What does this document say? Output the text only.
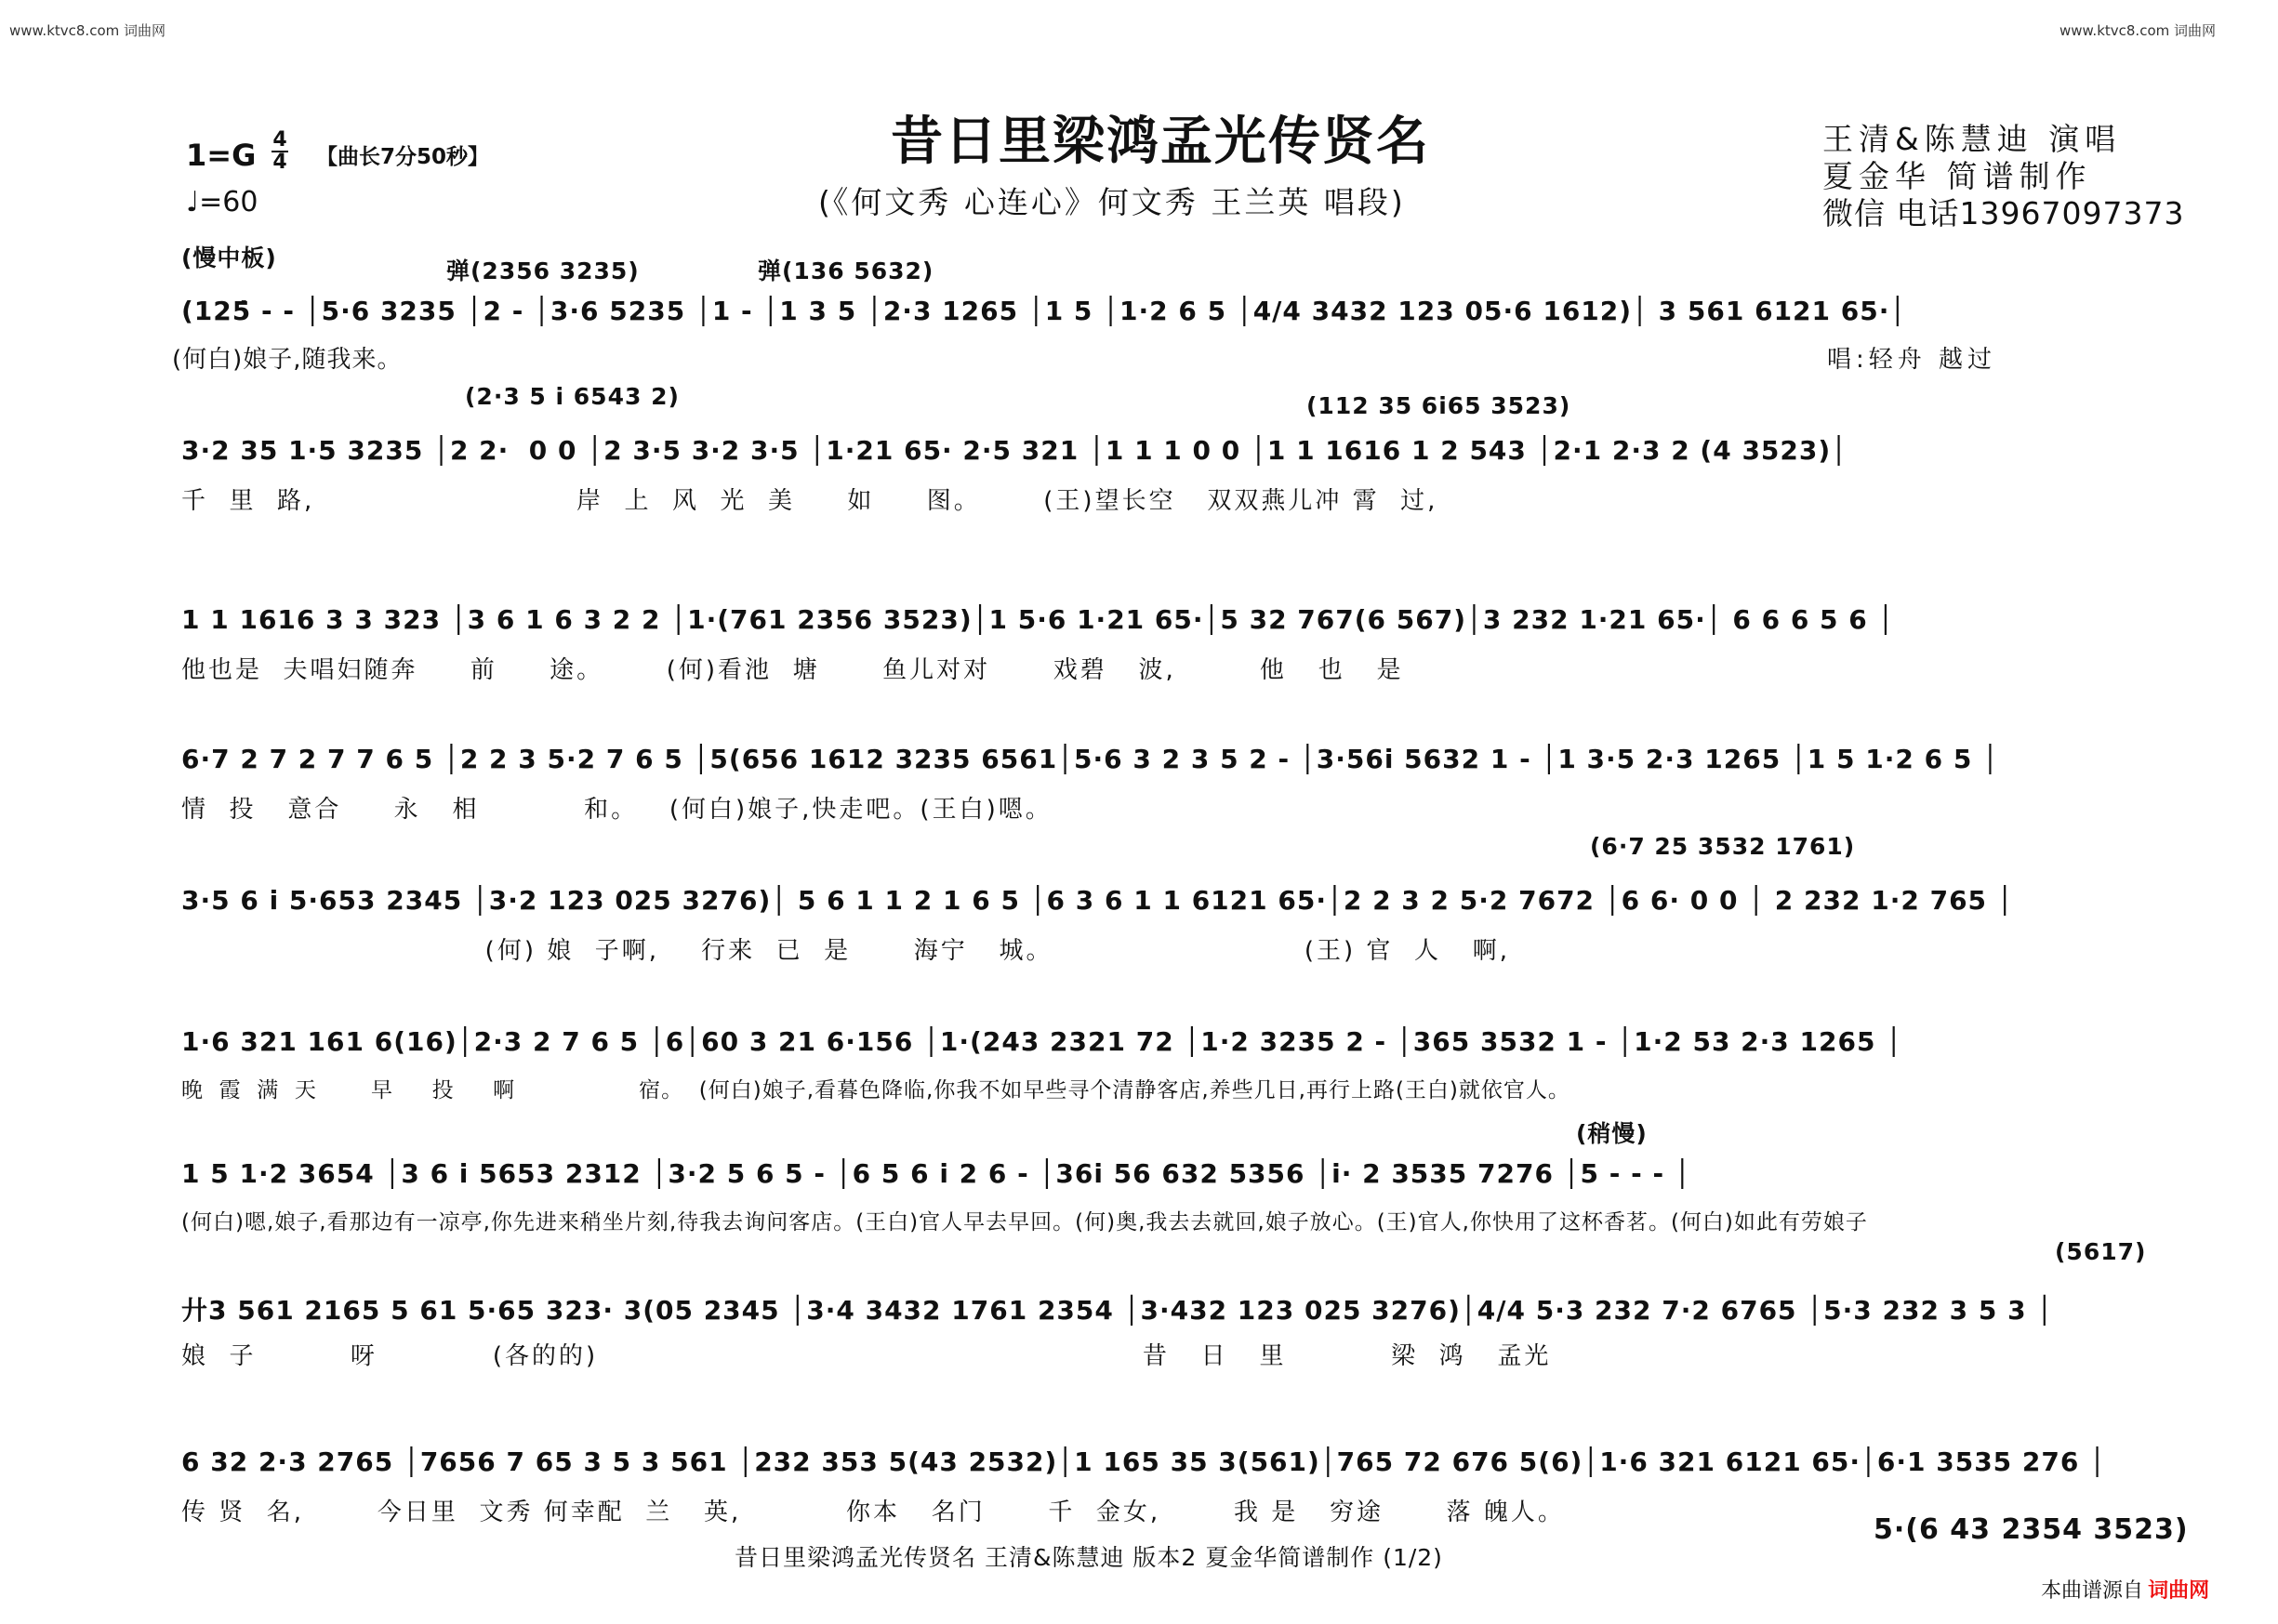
www.ktvc8.com 词曲网	www.ktvc8.com 词曲网
昔日里梁鸿孟光传贤名
(《何文秀 心连心》何文秀 王兰英 唱段)
1=G 4
4 【曲长7分50秒】
♩=60
王清&陈慧迪 演唱
夏金华 简谱制作
微信 电话13967097373
(慢中板)	弹(2356 3235)	弹(136 5632)
(125̇ - - │5·6 3235 │2 - │3·6 5235 │1 - │1 3 5 │2·3 1265 │1 5 │1·2 6 5 │4/4 3432 123 05·6 1612)│ 3 561 6121 65·│
(何白)娘子,随我来。	唱:轻舟 越过
(2·3 5 i 6543 2)	(112 35 6i65 3523)
3·2 35 1·5 3235 │2 2·  0 0 │2 3·5 3·2 3·5 │1·21 65· 2·5 321 │1 1 1 0 0 │1 1 1616 1 2 543 │2·1 2·3 2 (4 3523)│
千  里  路,                         岸  上  风  光  美     如     图。      (王)望长空   双双燕儿冲 霄  过,
1 1 1616 3 3 323 │3 6 1 6 3 2 2 │1·(761 2356 3523)│1 5·6 1·21 65·│5 32 767(6 567)│3 232 1·21 65·│ 6 6 6 5 6 │
他也是  夫唱妇随奔     前     途。      (何)看池  塘      鱼儿对对      戏碧   波,        他   也   是
6·7 2 7 2 7 7 6 5 │2 2 3 5·2 7 6 5 │5(656 1612 3235 6561│5·6 3 2 3 5 2 - │3·56i 5632 1 - │1 3·5 2·3 1265 │1 5 1·2 6 5 │
情  投   意合     永   相          和。   (何白)娘子,快走吧。(王白)嗯。
(6·7 25 3532 1761)
3·5 6 i 5·653 2345 │3·2 123 025 3276)│ 5 6 1 1 2 1 6 5 │6 3 6 1 1 6121 65·│2 2 3 2 5·2 7672 │6 6· 0 0 │ 2 232 1·2 765 │
(何) 娘  子啊,    行来  已  是      海宁   城。                        (王) 官  人   啊,
1·6 321 161 6(16)│2·3 2 7 6 5 │6│60 3 21 6·156 │1·(243 2321 72 │1·2 3235 2 - │365 3532 1 - │1·2 53 2·3 1265 │
晚  霞  满  天       早     投     啊                宿。  (何白)娘子,看暮色降临,你我不如早些寻个清静客店,养些几日,再行上路(王白)就依官人。
(稍慢)
1 5 1·2 3654 │3 6 i 5653 2312 │3·2 5 6 5 - │6 5 6 i 2 6 - │36i 56 632 5356 │i· 2 3535 7276 │5 - - - │
(何白)嗯,娘子,看那边有一凉亭,你先进来稍坐片刻,待我去询问客店。(王白)官人早去早回。(何)奥,我去去就回,娘子放心。(王)官人,你快用了这杯香茗。(何白)如此有劳娘子
(5617)
廾3 561 2165 5 61 5·65 323· 3(05 2345 │3·4 3432 1761 2354 │3·432 123 025 3276)│4/4 5·3 232 7·2 6765 │5·3 232 3 5 3 │
娘  子         呀           (各的的)                                                    昔   日   里          梁  鸿   孟光
6 32 2·3 2765 │7656 7 65 3 5 3 561 │232 353 5(43 2532)│1 165 35 3(561)│765 72 676 5(6)│1·6 321 6121 65·│6·1 3535 276 │
传 贤  名,       今日里  文秀 何幸配  兰   英,          你本   名门      千  金女,       我 是   穷途      落 魄人。
5·(6 43 2354 3523)
昔日里梁鸿孟光传贤名 王清&陈慧迪 版本2 夏金华简谱制作 (1/2)
本曲谱源自 词曲网
